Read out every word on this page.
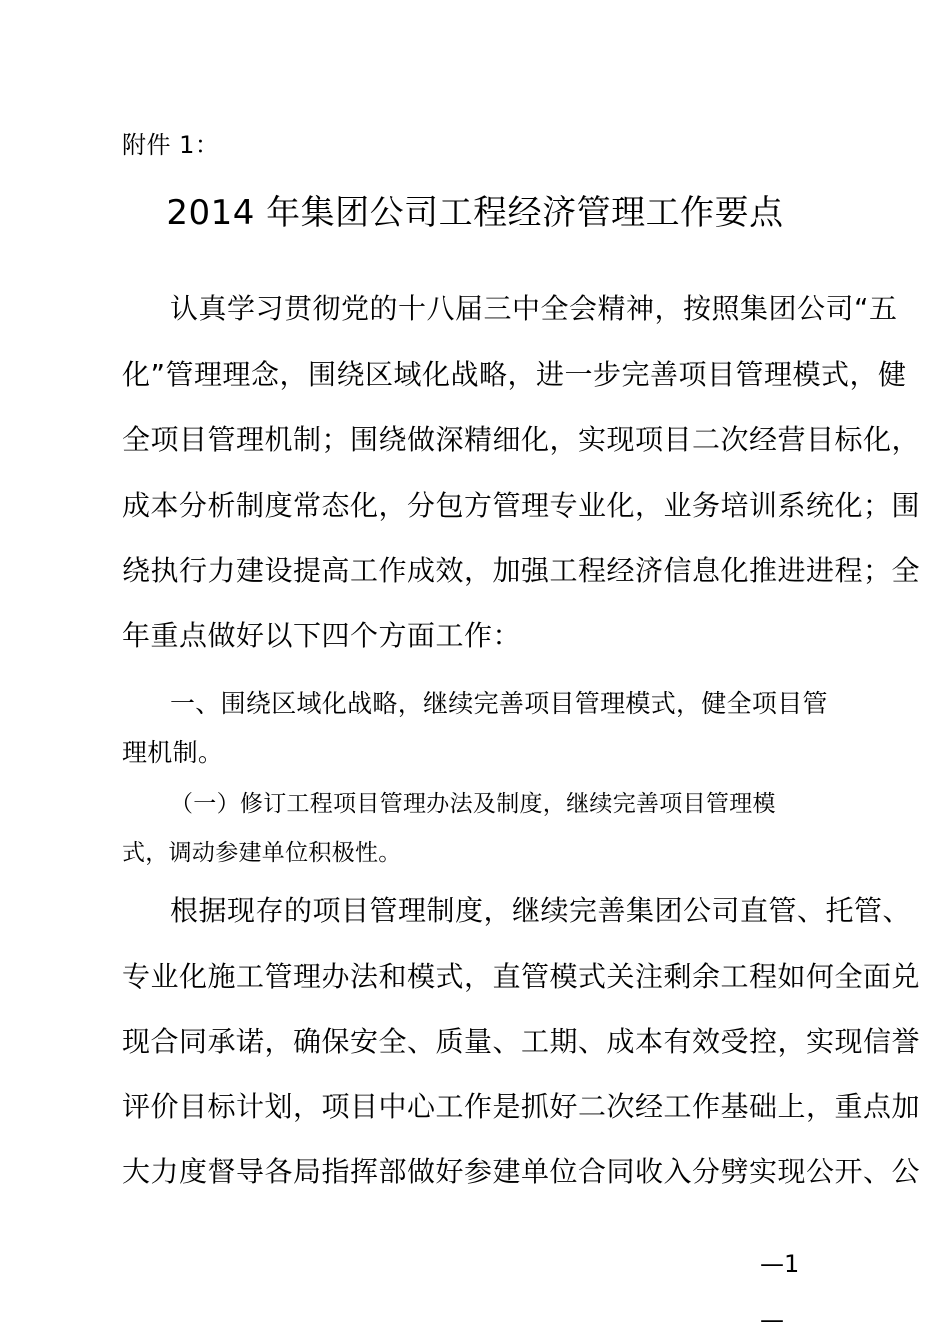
附件 1：
2014 年集团公司工程经济管理工作要点
认真学习贯彻党的十八届三中全会精神，按照集团公司“五
化”管理理念，围绕区域化战略，进一步完善项目管理模式，健
全项目管理机制；围绕做深精细化，实现项目二次经营目标化，
成本分析制度常态化，分包方管理专业化，业务培训系统化；围
绕执行力建设提高工作成效，加强工程经济信息化推进进程；全
年重点做好以下四个方面工作：
一、围绕区域化战略，继续完善项目管理模式，健全项目管
理机制。
（一）修订工程项目管理办法及制度，继续完善项目管理模
式，调动参建单位积极性。
根据现存的项目管理制度，继续完善集团公司直管、托管、
专业化施工管理办法和模式，直管模式关注剩余工程如何全面兑
现合同承诺，确保安全、质量、工期、成本有效受控，实现信誉
评价目标计划，项目中心工作是抓好二次经工作基础上，重点加
大力度督导各局指挥部做好参建单位合同收入分劈实现公开、公
—1
—
